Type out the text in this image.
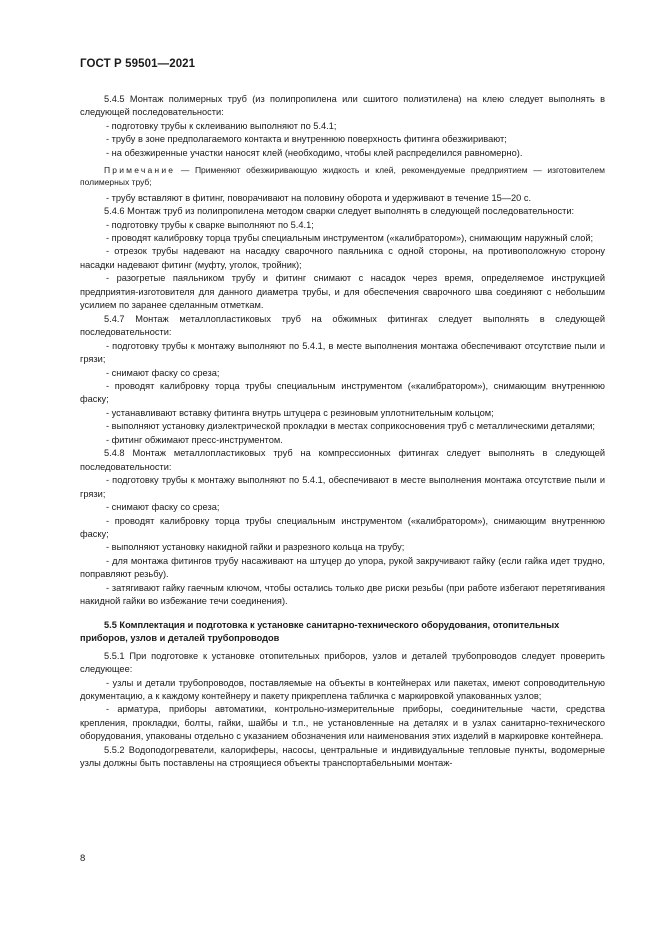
ГОСТ Р 59501—2021

5.4.5 Монтаж полимерных труб (из полипропилена или сшитого полиэтилена) на клею следует выполнять в следующей последовательности:

- подготовку трубы к склеиванию выполняют по 5.4.1;

- трубу в зоне предполагаемого контакта и внутреннюю поверхность фитинга обезжиривают;

- на обезжиренные участки наносят клей (необходимо, чтобы клей распределился равномерно).

Примечание — Применяют обезжиривающую жидкость и клей, рекомендуемые предприятием — изготовителем полимерных труб;

- трубу вставляют в фитинг, поворачивают на половину оборота и удерживают в течение 15—20 с.

5.4.6 Монтаж труб из полипропилена методом сварки следует выполнять в следующей последовательности:

- подготовку трубы к сварке выполняют по 5.4.1;

- проводят калибровку торца трубы специальным инструментом («калибратором»), снимающим наружный слой;

- отрезок трубы надевают на насадку сварочного паяльника с одной стороны, на противоположную сторону насадки надевают фитинг (муфту, уголок, тройник);

- разогретые паяльником трубу и фитинг снимают с насадок через время, определяемое инструкцией предприятия-изготовителя для данного диаметра трубы, и для обеспечения сварочного шва соединяют с небольшим усилием по заранее сделанным отметкам.

5.4.7 Монтаж металлопластиковых труб на обжимных фитингах следует выполнять в следующей последовательности:

- подготовку трубы к монтажу выполняют по 5.4.1, в месте выполнения монтажа обеспечивают отсутствие пыли и грязи;

- снимают фаску со среза;

- проводят калибровку торца трубы специальным инструментом («калибратором»), снимающим внутреннюю фаску;

- устанавливают вставку фитинга внутрь штуцера с резиновым уплотнительным кольцом;

- выполняют установку диэлектрической прокладки в местах соприкосновения труб с металлическими деталями;

- фитинг обжимают пресс-инструментом.

5.4.8 Монтаж металлопластиковых труб на компрессионных фитингах следует выполнять в следующей последовательности:

- подготовку трубы к монтажу выполняют по 5.4.1, обеспечивают в месте выполнения монтажа отсутствие пыли и грязи;

- снимают фаску со среза;

- проводят калибровку торца трубы специальным инструментом («калибратором»), снимающим внутреннюю фаску;

- выполняют установку накидной гайки и разрезного кольца на трубу;

- для монтажа фитингов трубу насаживают на штуцер до упора, рукой закручивают гайку (если гайка идет трудно, поправляют резьбу).

- затягивают гайку гаечным ключом, чтобы остались только две риски резьбы (при работе избегают перетягивания накидной гайки во избежание течи соединения).

5.5 Комплектация и подготовка к установке санитарно-технического оборудования, отопительных приборов, узлов и деталей трубопроводов

5.5.1 При подготовке к установке отопительных приборов, узлов и деталей трубопроводов следует проверить следующее:

- узлы и детали трубопроводов, поставляемые на объекты в контейнерах или пакетах, имеют сопроводительную документацию, а к каждому контейнеру и пакету прикреплена табличка с маркировкой упакованных узлов;

- арматура, приборы автоматики, контрольно-измерительные приборы, соединительные части, средства крепления, прокладки, болты, гайки, шайбы и т.п., не установленные на деталях и в узлах санитарно-технического оборудования, упакованы отдельно с указанием обозначения или наименования этих изделий в маркировке контейнера.

5.5.2 Водоподогреватели, калориферы, насосы, центральные и индивидуальные тепловые пункты, водомерные узлы должны быть поставлены на строящиеся объекты транспортабельными монтаж-

8
